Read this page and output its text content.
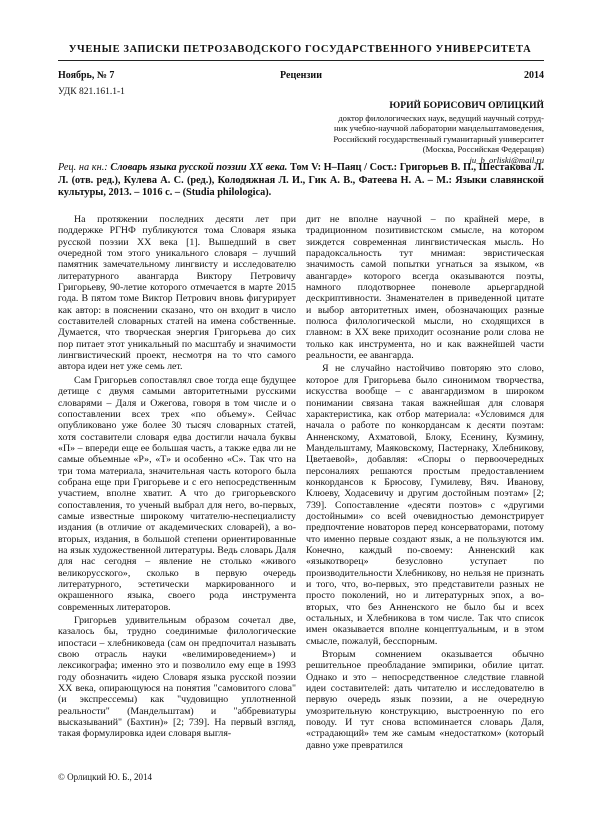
УЧЕНЫЕ ЗАПИСКИ ПЕТРОЗАВОДСКОГО ГОСУДАРСТВЕННОГО УНИВЕРСИТЕТА
Ноябрь, № 7	Рецензии	2014
УДК 821.161.1-1
ЮРИЙ БОРИСОВИЧ ОРЛИЦКИЙ
доктор филологических наук, ведущий научный сотруд-
ник учебно-научной лаборатории мандельштамоведения,
Российский государственный гуманитарный университет
(Москва, Российская Федерация)
ju_b_orliski@mail.ru
Рец. на кн.: Словарь языка русской поэзии XX века. Том V: Н–Паяц / Сост.: Григорьев В. П., Шестакова Л. Л. (отв. ред.), Кулева А. С. (ред.), Колодяжная Л. И., Гик А. В., Фатеева Н. А. – М.: Языки славянской культуры, 2013. – 1016 с. – (Studia philologica).

На протяжении последних десяти лет при поддержке РГНФ публикуются тома Словаря языка русской поэзии XX века [1]. Вышедший в свет очередной том этого уникального словаря – лучший памятник замечательному лингвисту и исследователю литературного авангарда Виктору Петровичу Григорьеву, 90-летие которого отмечается в марте 2015 года. В пятом томе Виктор Петрович вновь фигурирует как автор: в пояснении сказано, что он входит в число составителей словарных статей на имена собственные. Думается, что творческая энергия Григорьева до сих пор питает этот уникальный по масштабу и значимости лингвистический проект, несмотря на то что самого автора идеи нет уже семь лет.

Сам Григорьев сопоставлял свое тогда еще будущее детище с двумя самыми авторитетными русскими словарями – Даля и Ожегова, говоря в том числе и о сопоставлении всех трех «по объему». Сейчас опубликовано уже более 30 тысяч словарных статей, хотя составители словаря едва достигли начала буквы «П» – впереди еще ее большая часть, а также едва ли не самые объемные «Р», «Т» и особенно «С». Так что на три тома материала, значительная часть которого была собрана еще при Григорьеве и с его непосредственным участием, вполне хватит. А что до григорьевского сопоставления, то ученый выбрал для него, во-первых, самые известные широкому читателю-неспециалисту издания (в отличие от академических словарей), а во-вторых, издания, в большой степени ориентированные на язык художественной литературы. Ведь словарь Даля для нас сегодня – явление не столько «живого великорусского», сколько в первую очередь литературного, эстетически маркированного и окрашенного языка, своего рода инструмента современных литераторов.

Григорьев удивительным образом сочетал две, казалось бы, трудно соединимые филологические ипостаси – хлебниковеда (сам он предпочитал называть свою отрасль науки «велимироведением») и лексикографа; именно это и позволило ему еще в 1993 году обозначить «идею Словаря языка русской поэзии XX века, опирающуюся на понятия "самовитого слова" (и экспрессемы) как "чудовищно уплотненной реальности" (Мандельштам) и "аббревиатуры высказываний" (Бахтин)» [2; 739]. На первый взгляд, такая формулировка идеи словаря выгля-

дит не вполне научной – по крайней мере, в традиционном позитивистском смысле, на котором зиждется современная лингвистическая мысль. Но парадоксальность тут мнимая: эвристическая значимость самой попытки угнаться за языком, «в авангарде» которого всегда оказываются поэты, намного плодотворнее поневоле арьергардной дескриптивности. Знаменателен в приведенной цитате и выбор авторитетных имен, обозначающих разные полюса филологической мысли, но сходящихся в главном: в XX веке приходит осознание роли слова не только как инструмента, но и как важнейшей части реальности, ее авангарда.

Я не случайно настойчиво повторяю это слово, которое для Григорьева было синонимом творчества, искусства вообще – с авангардизмом в широком понимании связана такая важнейшая для словаря характеристика, как отбор материала: «Условимся для начала о работе по конкордансам к десяти поэтам: Анненскому, Ахматовой, Блоку, Есенину, Кузмину, Мандельштаму, Маяковскому, Пастернаку, Хлебникову, Цветаевой», добавляя: «Споры о первоочередных персоналиях решаются простым предоставлением конкордансов к Брюсову, Гумилеву, Вяч. Иванову, Клюеву, Ходасевичу и другим достойным поэтам» [2; 739]. Сопоставление «десяти поэтов» с «другими достойными» со всей очевидностью демонстрирует предпочтение новаторов перед консерваторами, потому что именно первые создают язык, а не пользуются им. Конечно, каждый по-своему: Анненский как «языкотворец» безусловно уступает по производительности Хлебникову, но нельзя не признать и того, что, во-первых, это представители разных не просто поколений, но и литературных эпох, а во-вторых, что без Анненского не было бы и всех остальных, и Хлебникова в том числе. Так что список имен оказывается вполне концептуальным, и в этом смысле, пожалуй, бесспорным.

Вторым сомнением оказывается обычно решительное преобладание эмпирики, обилие цитат. Однако и это – непосредственное следствие главной идеи составителей: дать читателю и исследователю в первую очередь язык поэзии, а не очередную умозрительную конструкцию, выстроенную по его поводу. И тут снова вспоминается словарь Даля, «страдающий» тем же самым «недостатком» (который давно уже превратился

© Орлицкий Ю. Б., 2014
